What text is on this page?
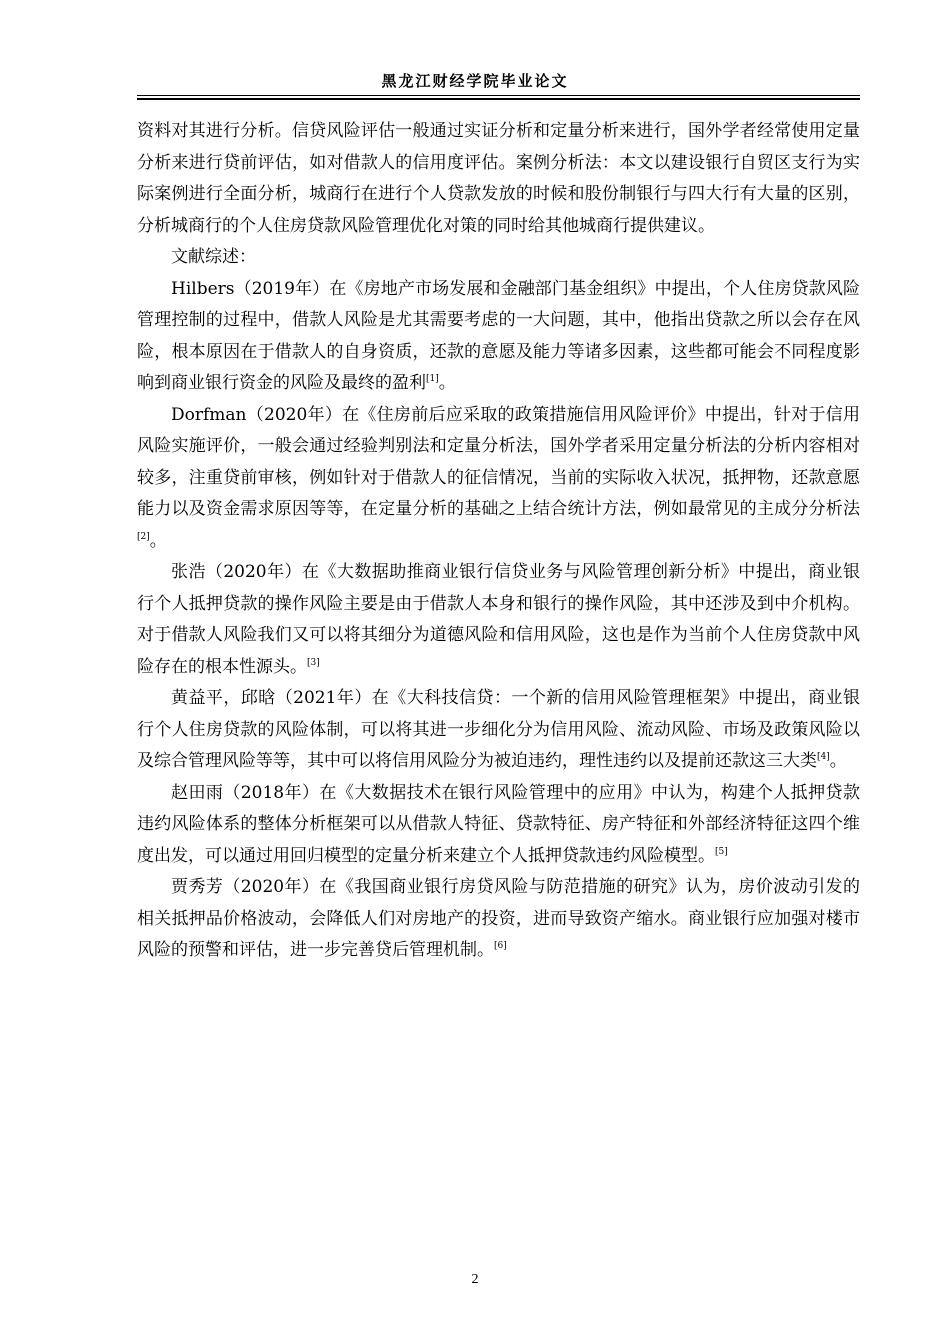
黑龙江财经学院毕业论文

资料对其进行分析。信贷风险评估一般通过实证分析和定量分析来进行，国外学者经常使用定量分析来进行贷前评估，如对借款人的信用度评估。案例分析法：本文以建设银行自贸区支行为实际案例进行全面分析，城商行在进行个人贷款发放的时候和股份制银行与四大行有大量的区别，分析城商行的个人住房贷款风险管理优化对策的同时给其他城商行提供建议。

文献综述：

Hilbers（2019年）在《房地产市场发展和金融部门基金组织》中提出，个人住房贷款风险管理控制的过程中，借款人风险是尤其需要考虑的一大问题，其中，他指出贷款之所以会存在风险，根本原因在于借款人的自身资质，还款的意愿及能力等诸多因素，这些都可能会不同程度影响到商业银行资金的风险及最终的盈利[1]。

Dorfman（2020年）在《住房前后应采取的政策措施信用风险评价》中提出，针对于信用风险实施评价，一般会通过经验判别法和定量分析法，国外学者采用定量分析法的分析内容相对较多，注重贷前审核，例如针对于借款人的征信情况，当前的实际收入状况，抵押物，还款意愿能力以及资金需求原因等等，在定量分析的基础之上结合统计方法，例如最常见的主成分分析法[2]。

张浩（2020年）在《大数据助推商业银行信贷业务与风险管理创新分析》中提出，商业银行个人抵押贷款的操作风险主要是由于借款人本身和银行的操作风险，其中还涉及到中介机构。对于借款人风险我们又可以将其细分为道德风险和信用风险，这也是作为当前个人住房贷款中风险存在的根本性源头。[3]

黄益平，邱晗（2021年）在《大科技信贷：一个新的信用风险管理框架》中提出，商业银行个人住房贷款的风险体制，可以将其进一步细化分为信用风险、流动风险、市场及政策风险以及综合管理风险等等，其中可以将信用风险分为被迫违约，理性违约以及提前还款这三大类[4]。

赵田雨（2018年）在《大数据技术在银行风险管理中的应用》中认为，构建个人抵押贷款违约风险体系的整体分析框架可以从借款人特征、贷款特征、房产特征和外部经济特征这四个维度出发，可以通过用回归模型的定量分析来建立个人抵押贷款违约风险模型。[5]

贾秀芳（2020年）在《我国商业银行房贷风险与防范措施的研究》认为，房价波动引发的相关抵押品价格波动，会降低人们对房地产的投资，进而导致资产缩水。商业银行应加强对楼市风险的预警和评估，进一步完善贷后管理机制。[6]

2
